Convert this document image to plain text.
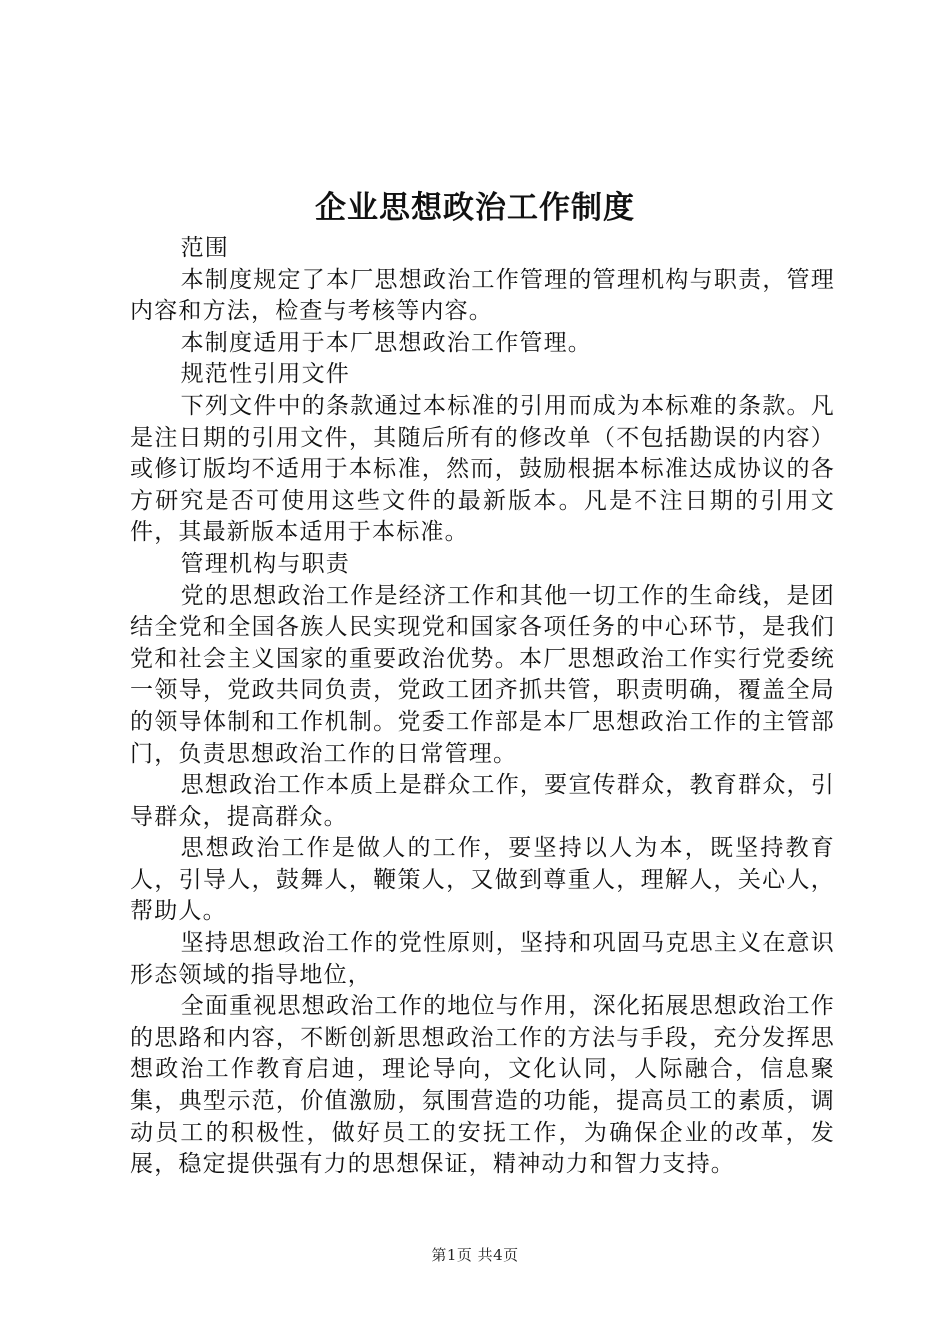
企业思想政治工作制度

范围

本制度规定了本厂思想政治工作管理的管理机构与职责，管理内容和方法，检查与考核等内容。

本制度适用于本厂思想政治工作管理。

规范性引用文件

下列文件中的条款通过本标准的引用而成为本标难的条款。凡是注日期的引用文件，其随后所有的修改单（不包括勘误的内容）或修订版均不适用于本标准，然而，鼓励根据本标准达成协议的各方研究是否可使用这些文件的最新版本。凡是不注日期的引用文件，其最新版本适用于本标准。

管理机构与职责

党的思想政治工作是经济工作和其他一切工作的生命线，是团结全党和全国各族人民实现党和国家各项任务的中心环节，是我们党和社会主义国家的重要政治优势。本厂思想政治工作实行党委统一领导，党政共同负责，党政工团齐抓共管，职责明确，覆盖全局的领导体制和工作机制。党委工作部是本厂思想政治工作的主管部门，负责思想政治工作的日常管理。

思想政治工作本质上是群众工作，要宣传群众，教育群众，引导群众，提高群众。

思想政治工作是做人的工作，要坚持以人为本，既坚持教育人，引导人，鼓舞人，鞭策人，又做到尊重人，理解人，关心人，帮助人。

坚持思想政治工作的党性原则，坚持和巩固马克思主义在意识形态领域的指导地位，

全面重视思想政治工作的地位与作用，深化拓展思想政治工作的思路和内容，不断创新思想政治工作的方法与手段，充分发挥思想政治工作教育启迪，理论导向，文化认同，人际融合，信息聚集，典型示范，价值激励，氛围营造的功能，提高员工的素质，调动员工的积极性，做好员工的安抚工作，为确保企业的改革，发展，稳定提供强有力的思想保证，精神动力和智力支持。

第1页 共4页
